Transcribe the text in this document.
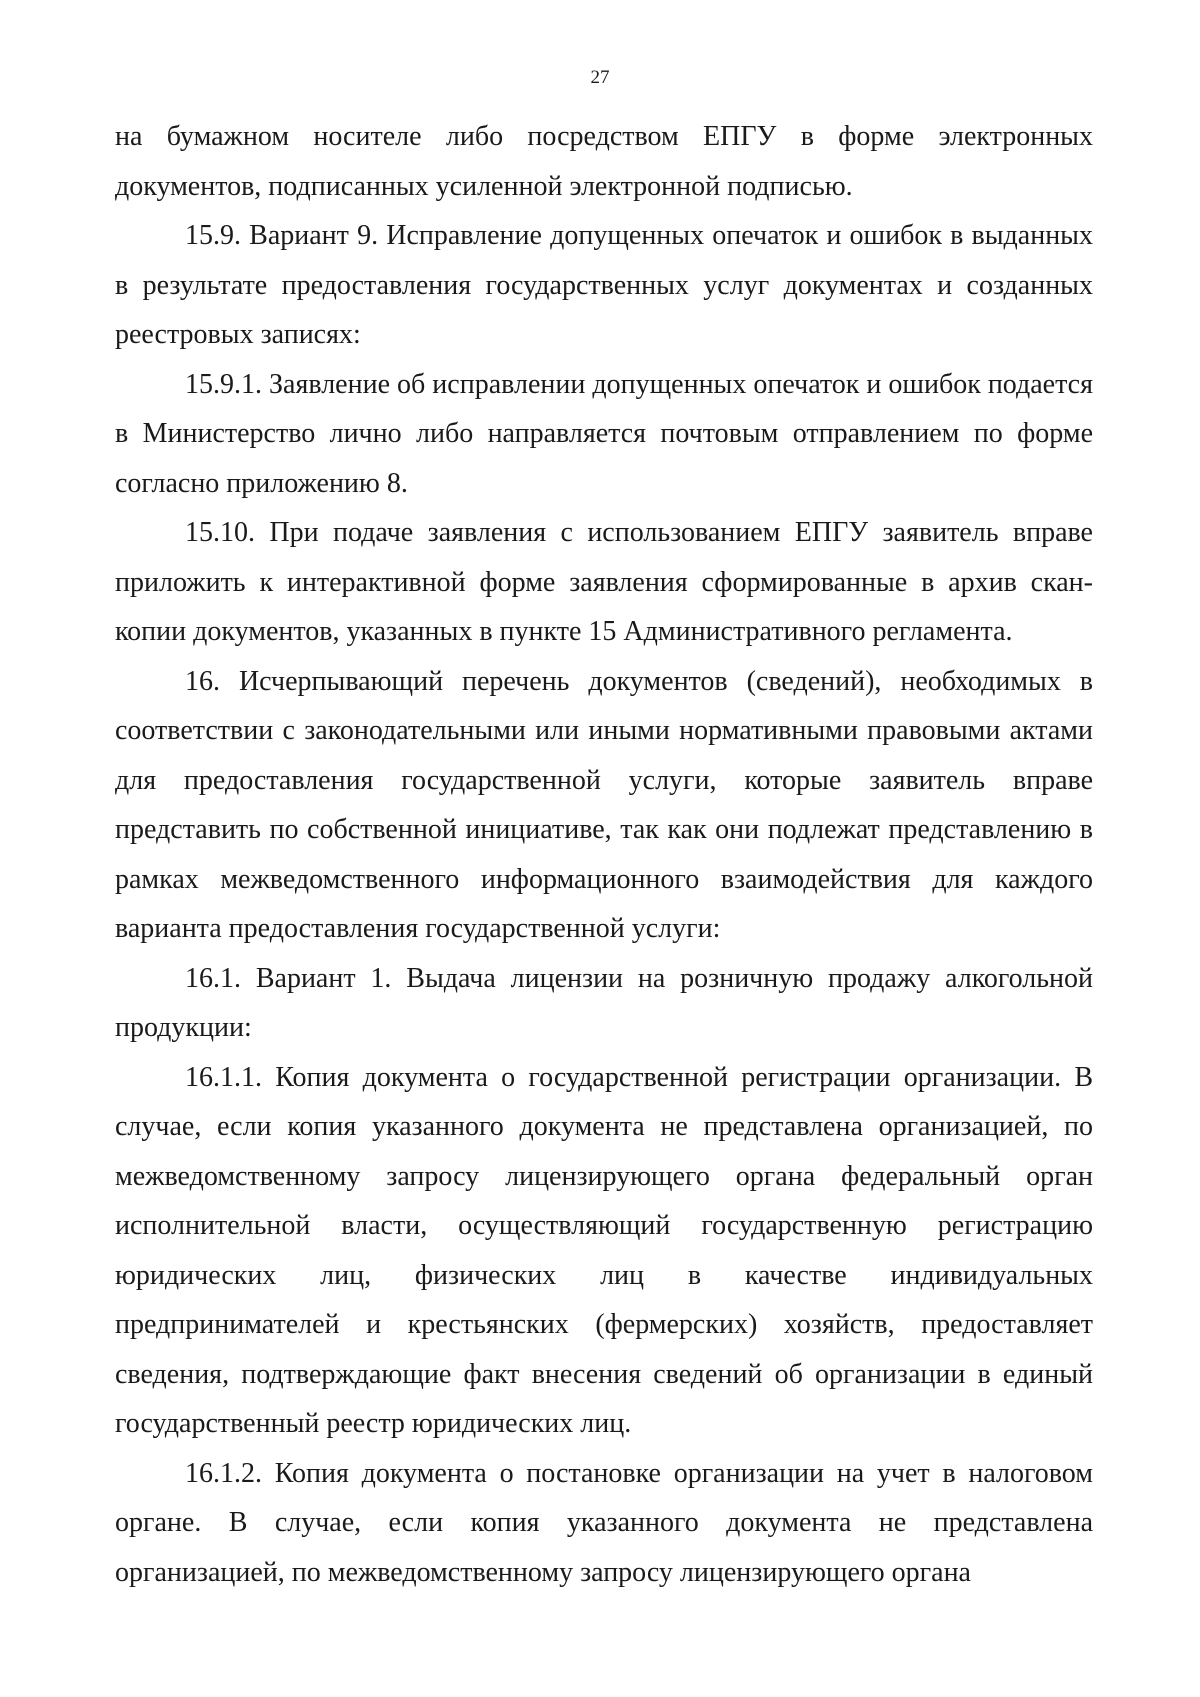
27

на бумажном носителе либо посредством ЕПГУ в форме электронных документов, подписанных усиленной электронной подписью.

15.9. Вариант 9. Исправление допущенных опечаток и ошибок в выданных в результате предоставления государственных услуг документах и созданных реестровых записях:

15.9.1. Заявление об исправлении допущенных опечаток и ошибок подается в Министерство лично либо направляется почтовым отправлением по форме согласно приложению 8.

15.10. При подаче заявления с использованием ЕПГУ заявитель вправе приложить к интерактивной форме заявления сформированные в архив скан-копии документов, указанных в пункте 15 Административного регламента.

16. Исчерпывающий перечень документов (сведений), необходимых в соответствии с законодательными или иными нормативными правовыми актами для предоставления государственной услуги, которые заявитель вправе представить по собственной инициативе, так как они подлежат представлению в рамках межведомственного информационного взаимодействия для каждого варианта предоставления государственной услуги:

16.1. Вариант 1. Выдача лицензии на розничную продажу алкогольной продукции:

16.1.1. Копия документа о государственной регистрации организации. В случае, если копия указанного документа не представлена организацией, по межведомственному запросу лицензирующего органа федеральный орган исполнительной власти, осуществляющий государственную регистрацию юридических лиц, физических лиц в качестве индивидуальных предпринимателей и крестьянских (фермерских) хозяйств, предоставляет сведения, подтверждающие факт внесения сведений об организации в единый государственный реестр юридических лиц.

16.1.2. Копия документа о постановке организации на учет в налоговом органе. В случае, если копия указанного документа не представлена организацией, по межведомственному запросу лицензирующего органа
